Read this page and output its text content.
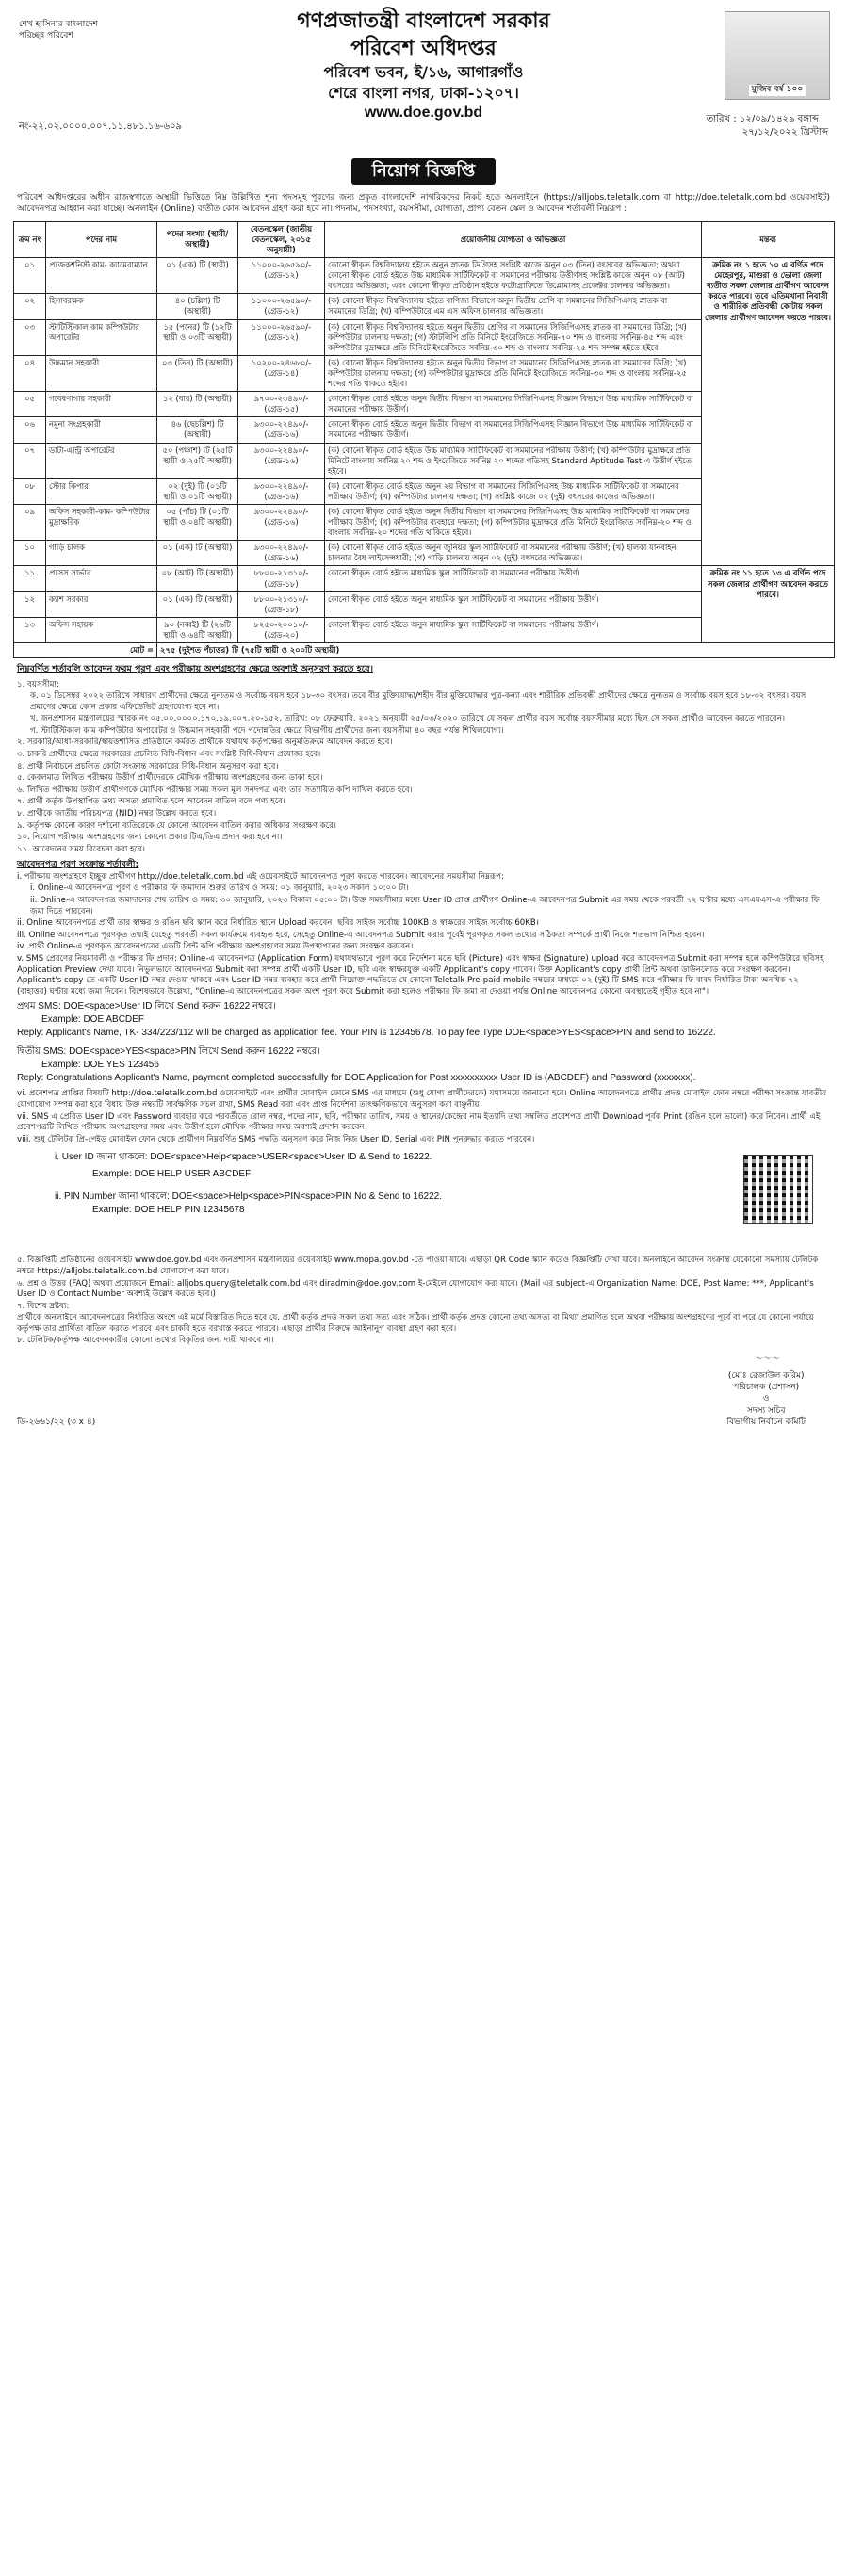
শেখ হাসিনার বাংলাদেশ
পরিচ্ছন্ন পরিবেশ
গণপ্রজাতন্ত্রী বাংলাদেশ সরকার
পরিবেশ অধিদপ্তর
পরিবেশ ভবন, ই/১৬, আগারগাঁও
শেরে বাংলা নগর, ঢাকা-১২০৭।
www.doe.gov.bd
মুজিব বর্ষ ১০০
নং-২২.০২.০০০০.০০৭.১১.৪৮১.১৬-৬০৯
তারিখ : ১২/০৯/১৪২৯ বঙ্গাব্দ
২৭/১২/২০২২ খ্রিস্টাব্দ
নিয়োগ বিজ্ঞপ্তি
পরিবেশ অধিদপ্তরের অধীন রাজস্বখাতে অস্থায়ী ভিত্তিতে নিম্ন উল্লিখিত শূন্য পদসমূহ পূরণের জন্য প্রকৃত বাংলাদেশি নাগরিকদের নিকট হতে অনলাইনে (https://alljobs.teletalk.com বা http://doe.teletalk.com.bd ওয়েবসাইট) আবেদনপত্র আহ্বান করা যাচ্ছে। অনলাইন (Online) ব্যতীত কোন আবেদন গ্রহণ করা হবে না। পদনাম, পদসংখ্যা, বয়সসীমা, যোগ্যতা, প্রাপ্য বেতন স্কেল ও আবেদন শর্তাবলী নিম্নরূপ :
ক্রম নং	পদের নাম	পদের সংখ্যা (স্থায়ী/অস্থায়ী)	বেতনস্কেল (জাতীয় বেতনস্কেল, ২০১৫ অনুযায়ী)	প্রয়োজনীয় যোগ্যতা ও অভিজ্ঞতা	মন্তব্য
০১	প্রজেকশনিস্ট কাম- ক্যামেরাম্যান	০১ (এক) টি (স্থায়ী)	১১০০০-২৬৫৯০/- (গ্রেড-১২)	কোনো স্বীকৃত বিশ্ববিদ্যালয় হইতে অনুন স্নাতক ডিগ্রিসহ সংশ্লিষ্ট কাজে অনুন ০৩ (তিন) বৎসরের অভিজ্ঞতা; অথবা কোনো স্বীকৃত বোর্ড হইতে উচ্চ মাধ্যমিক সার্টিফিকেট বা সমমানের পরীক্ষায় উত্তীর্ণসহ সংশ্লিষ্ট কাজে অনুন ০৮ (আট) বৎসরের অভিজ্ঞতা; এবং কোনো স্বীকৃত প্রতিষ্ঠান হইতে ফটোগ্রাফিতে ডিপ্লোমাসহ প্রজেক্টর চালনার অভিজ্ঞতা।	ক্রমিক নং ১ হতে ১০ এ বর্ণিত পদে মেহেরপুর, মাগুরা ও ভোলা জেলা ব্যতীত সকল জেলার প্রার্থীগণ আবেদন করতে পারবে। তবে এতিমখানা নিবাসী ও শারীরিক প্রতিবন্ধী কোটায় সকল জেলার প্রার্থীগণ আবেদন করতে পারবে।
০২	হিসাবরক্ষক	৪০ (চল্লিশ) টি (অস্থায়ী)	১১০০০-২৬৫৯০/- (গ্রেড-১২)	(ক) কোনো স্বীকৃত বিশ্ববিদ্যালয় হইতে বাণিজ্য বিভাগে অনুন দ্বিতীয় শ্রেণি বা সমমানের সিজিপিএসহ স্নাতক বা সমমানের ডিগ্রি; (খ) কম্পিউটারে এম এস অফিস চালনার অভিজ্ঞতা।	
০৩	স্টাটিস্টিকাল কাম কম্পিউটার অপারেটর	১৫ (পনের) টি (১২টি স্থায়ী ও ০৩টি অস্থায়ী)	১১০০০-২৬৫৯০/- (গ্রেড-১২)	(ক) কোনো স্বীকৃত বিশ্ববিদ্যালয় হইতে অনুন দ্বিতীয় শ্রেণির বা সমমানের সিজিপিএসহ স্নাতক বা সমমানের ডিগ্রি; (খ) কম্পিউটার চালনায় দক্ষতা; (গ) স্টাটলিপি প্রতি মিনিটে ইংরেজিতে সর্বনিম্ন-৭০ শব্দ ও বাংলায় সর্বনিম্ন-৪৫ শব্দ এবং কম্পিউটার মুদ্রাক্ষরে প্রতি মিনিটে ইংরেজিতে সর্বনিম্ন-৩০ শব্দ ও বাংলায় সর্বনিম্ন-২৫ শব্দ সম্পন্ন হইতে হইবে।	
০৪	উচ্চমান সহকারী	০৩ (তিন) টি (অস্থায়ী)	১০২০০-২৪৬৮০/- (গ্রেড-১৪)	(ক) কোনো স্বীকৃত বিশ্ববিদ্যালয় হইতে অনুন দ্বিতীয় বিভাগ বা সমমানের সিজিপিএসহ স্নাতক বা সমমানের ডিগ্রি; (খ) কম্পিউটার চালনায় দক্ষতা; (গ) কম্পিউটার মুদ্রাক্ষরে প্রতি মিনিটে ইংরেজিতে সর্বনিম্ন-৩০ শব্দ ও বাংলায় সর্বনিম্ন-২৫ শব্দের গতি থাকতে হইবে।	
০৫	গবেষণাগার সহকারী	১২ (বার) টি (অস্থায়ী)	৯৭০০-২৩৪৯০/- (গ্রেড-১৫)	কোনো স্বীকৃত বোর্ড হইতে অনুন দ্বিতীয় বিভাগ বা সমমানের সিজিপিএসহ বিজ্ঞান বিভাগে উচ্চ মাধ্যমিক সার্টিফিকেট বা সমমানের পরীক্ষায় উত্তীর্ণ।	
০৬	নমুনা সংগ্রহকারী	৪৬ (ছেচল্লিশ) টি (অস্থায়ী)	৯৩০০-২২৪৯০/- (গ্রেড-১৬)	কোনো স্বীকৃত বোর্ড হইতে অনুন দ্বিতীয় বিভাগ বা সমমানের সিজিপিএসহ বিজ্ঞান বিভাগে উচ্চ মাধ্যমিক সার্টিফিকেট বা সমমানের পরীক্ষায় উত্তীর্ণ।	
০৭	ডাটা-এন্ট্রি অপারেটর	৫০ (পঞ্চাশ) টি (২৫টি স্থায়ী ও ২৫টি অস্থায়ী)	৯৩০০-২২৪৯০/- (গ্রেড-১৬)	(ক) কোনো স্বীকৃত বোর্ড হইতে উচ্চ মাধ্যমিক সার্টিফিকেট বা সমমানের পরীক্ষায় উত্তীর্ণ; (খ) কম্পিউটার মুদ্রাক্ষরে প্রতি মিনিটে বাংলায় সর্বনিম্ন ২০ শব্দ ও ইংরেজিতে সর্বনিম্ন ২০ শব্দের গতিসহ Standard Aptitude Test এ উত্তীর্ণ হইতে হইবে।	
০৮	স্টোর কিপার	০২ (দুই) টি (০১টি স্থায়ী ও ০১টি অস্থায়ী)	৯৩০০-২২৪৯০/- (গ্রেড-১৬)	(ক) কোনো স্বীকৃত বোর্ড হইতে অনুন ২য় বিভাগ বা সমমানের সিজিপিএসহ উচ্চ মাধ্যমিক সার্টিফিকেট বা সমমানের পরীক্ষায় উত্তীর্ণ; (খ) কম্পিউটার চালনায় দক্ষতা; (গ) সংশ্লিষ্ট কাজে ০২ (দুই) বৎসরের কাজের অভিজ্ঞতা।	
০৯	অফিস সহকারী-কাম- কম্পিউটার মুদ্রাক্ষরিক	০৫ (পাঁচ) টি (০১টি স্থায়ী ও ০৪টি অস্থায়ী)	৯৩০০-২২৪৯০/- (গ্রেড-১৬)	(ক) কোনো স্বীকৃত বোর্ড হইতে অনুন দ্বিতীয় বিভাগ বা সমমানের সিজিপিএসহ উচ্চ মাধ্যমিক সার্টিফিকেট বা সমমানের পরীক্ষায় উত্তীর্ণ; (খ) কম্পিউটার ব্যবহারে দক্ষতা; (গ) কম্পিউটার মুদ্রাক্ষরে প্রতি মিনিটে ইংরেজিতে সর্বনিম্ন-২০ শব্দ ও বাংলায় সর্বনিম্ন-২০ শব্দের গতি থাকিতে হইবে।	
১০	গাড়ি চালক	০১ (এক) টি (অস্থায়ী)	৯৩০০-২২৪৯০/- (গ্রেড-১৬)	(ক) কোনো স্বীকৃত বোর্ড হইতে অনুন জুনিয়র স্কুল সার্টিফিকেট বা সমমানের পরীক্ষায় উত্তীর্ণ; (খ) হালকা যানবাহন চালনার বৈধ লাইসেন্সধারী; (গ) গাড়ি চালনায় অনুন ০২ (দুই) বৎসরের অভিজ্ঞতা।	
১১	প্রসেস সার্ভার	০৮ (আট) টি (অস্থায়ী)	৮৮০০-২১৩১০/- (গ্রেড-১৮)	কোনো স্বীকৃত বোর্ড হইতে মাধ্যমিক স্কুল সার্টিফিকেট বা সমমানের পরীক্ষায় উত্তীর্ণ।	ক্রমিক নং ১১ হতে ১৩ এ বর্ণিত পদে সকল জেলার প্রার্থীগণ আবেদন করতে পারবে।
১২	ক্যাশ সরকার	০১ (এক) টি (অস্থায়ী)	৮৮০০-২১৩১০/- (গ্রেড-১৮)	কোনো স্বীকৃত বোর্ড হইতে অনুন মাধ্যমিক স্কুল সার্টিফিকেট বা সমমানের পরীক্ষায় উত্তীর্ণ।	
১৩	অফিস সহায়ক	৯০ (নব্বই) টি (২৬টি স্থায়ী ও ৬৪টি অস্থায়ী)	৮২৫০-২০০১০/- (গ্রেড-২০)	কোনো স্বীকৃত বোর্ড হইতে অনুন মাধ্যমিক স্কুল সার্টিফিকেট বা সমমানের পরীক্ষায় উত্তীর্ণ।	
মোট =		২৭৫ (দুইশত পঁচাত্তর) টি (৭৫টি স্থায়ী ও ২০০টি অস্থায়ী)			
নিম্নবর্ণিত শর্তাবলি আবেদন ফরম পূরণ এবং পরীক্ষায় অংশগ্রহণের ক্ষেত্রে অবশ্যই অনুসরণ করতে হবে।

১. বয়সসীমা:

ক. ০১ ডিসেম্বর ২০২২ তারিখে সাধারণ প্রার্থীদের ক্ষেত্রে নুন্যতম ও সর্বোচ্চ বয়স হবে ১৮-৩০ বৎসর। তবে বীর মুক্তিযোদ্ধা/শহীদ বীর মুক্তিযোদ্ধার পুত্র-কন্যা এবং শারীরিক প্রতিবন্ধী প্রার্থীদের ক্ষেত্রে নুন্যতম ও সর্বোচ্চ বয়স হবে ১৮-৩২ বৎসর। বয়স প্রমাণের ক্ষেত্রে কোন প্রকার এফিডেভিট গ্রহণযোগ্য হবে না।

খ. জনপ্রশাসন মন্ত্রণালয়ের স্মারক নং ০৫.০০.০০০০.১৭০.১৯.০০৭.২০-১৫২, তারিখ: ০৮ ফেব্রুয়ারি, ২০২১ অনুযায়ী ২৫/০৩/২০২০ তারিখে যে সকল প্রার্থীর বয়স সর্বোচ্চ বয়সসীমার মধ্যে ছিল সে সকল প্রার্থীও আবেদন করতে পারবেন।

গ. স্টাটিস্টিকাল কাম কম্পিউটার অপারেটর ও উচ্চমান সহকারী পদে পদোন্নতির ক্ষেত্রে বিভাগীয় প্রার্থীদের জন্য বয়সসীমা ৪০ বছর পর্যন্ত শিথিলযোগ্য।

২. সরকারি/আধা-সরকারি/স্বায়ত্তশাসিত প্রতিষ্ঠানে কর্মরত প্রার্থীকে যথাযথ কর্তৃপক্ষের অনুমতিক্রমে আবেদন করতে হবে।

৩. চাকরি প্রার্থীদের ক্ষেত্রে সরকারের প্রচলিত বিধি-বিধান এবং সংশ্লিষ্ট বিধি-বিধান প্রযোজ্য হবে।

৪. প্রার্থী নির্বাচনে প্রচলিত কোটা সংক্রান্ত সরকারের বিধি-বিধান অনুসরণ করা হবে।

৫. কেবলমাত্র লিখিত পরীক্ষায় উত্তীর্ণ প্রার্থীদেরকে মৌখিক পরীক্ষায় অংশগ্রহণের জন্য ডাকা হবে।

৬. লিখিত পরীক্ষায় উত্তীর্ণ প্রার্থীগণকে মৌখিক পরীক্ষার সময় সকল মূল সনদপত্র এবং তার সত্যায়িত কপি দাখিল করতে হবে।

৭. প্রার্থী কর্তৃক উপস্থাপিত তথ্য অসত্য প্রমাণিত হলে আবেদন বাতিল বলে গণ্য হবে।

৮. প্রার্থীকে জাতীয় পরিচয়পত্র (NID) নম্বর উল্লেখ করতে হবে।

৯. কর্তৃপক্ষ কোনো কারণ দর্শানো ব্যতিরেকে যে কোনো আবেদন বাতিল করার অধিকার সংরক্ষণ করে।

১০. নিয়োগ পরীক্ষায় অংশগ্রহণের জন্য কোনো প্রকার টিএ/ডিএ প্রদান করা হবে না।

১১. আবেদনের সময় বিবেচনা করা হবে।

আবেদনপত্র পূরণ সংক্রান্ত শর্তাবলী:

i. পরীক্ষায় অংশগ্রহণে ইচ্ছুক প্রার্থীগণ http://doe.teletalk.com.bd এই ওয়েবসাইটে আবেদনপত্র পূরণ করতে পারবেন। আবেদনের সময়সীমা নিম্নরূপ:

i. Online-এ আবেদনপত্র পূরণ ও পরীক্ষার ফি জমাদান শুরুর তারিখ ও সময়: ০১ জানুয়ারি, ২০২৩ সকাল ১০:০০ টা।

ii. Online-এ আবেদনপত্র জমাদানের শেষ তারিখ ও সময়: ৩০ জানুয়ারি, ২০২৩ বিকাল ০৫:০০ টা। উক্ত সময়সীমার মধ্যে User ID প্রাপ্ত প্রার্থীগণ Online-এ আবেদনপত্র Submit এর সময় থেকে পরবর্তী ৭২ ঘণ্টার মধ্যে এসএমএস-এ পরীক্ষার ফি জমা দিতে পারবেন।

ii. Online আবেদনপত্রে প্রার্থী তার স্বাক্ষর ও রঙিন ছবি স্ক্যান করে নির্ধারিত স্থানে Upload করবেন। ছবির সাইজ সর্বোচ্চ 100KB ও স্বাক্ষরের সাইজ সর্বোচ্চ 60KB।

iii. Online আবেদনপত্রে পূরণকৃত তথ্যই যেহেতু পরবর্তী সকল কার্যক্রমে ব্যবহৃত হবে, সেহেতু Online-এ আবেদনপত্র Submit করার পূর্বেই পূরণকৃত সকল তথ্যের সঠিকতা সম্পর্কে প্রার্থী নিজে শতভাগ নিশ্চিত হবেন।

iv. প্রার্থী Online-এ পূরণকৃত আবেদনপত্রের একটি প্রিন্ট কপি পরীক্ষায় অংশগ্রহণের সময় উপস্থাপনের জন্য সংরক্ষণ করবেন।

v. SMS প্রেরণের নিয়মাবলী ও পরীক্ষার ফি প্রদান: Online-এ আবেদনপত্র (Application Form) যথাযথভাবে পূরণ করে নির্দেশনা মতে ছবি (Picture) এবং স্বাক্ষর (Signature) upload করে আবেদনপত্র Submit করা সম্পন্ন হলে কম্পিউটারে ছবিসহ Application Preview দেখা যাবে। নিভুলভাবে আবেদনপত্র Submit করা সম্পন্ন প্রার্থী একটি User ID, ছবি এবং স্বাক্ষরযুক্ত একটি Applicant's copy পাবেন। উক্ত Applicant's copy প্রার্থী প্রিন্ট অথবা ডাউনলোড করে সংরক্ষণ করবেন। Applicant's copy তে একটি User ID নম্বর দেওয়া থাকবে এবং User ID নম্বর ব্যবহার করে প্রার্থী নিম্নোক্ত পদ্ধতিতে যে কোনো Teletalk Pre-paid mobile নম্বরের মাধ্যমে ০২ (দুই) টি SMS করে পরীক্ষার ফি বাবদ নির্ধারিত টাকা অনধিক ৭২ (বাহাত্তর) ঘণ্টার মধ্যে জমা দিবেন। বিশেষভাবে উল্লেখ্য, "Online-এ আবেদনপত্রের সকল অংশ পূরণ করে Submit করা হলেও পরীক্ষার ফি জমা না দেওয়া পর্যন্ত Online আবেদনপত্র কোনো অবস্থাতেই গৃহীত হবে না"।

প্রথম SMS: DOE<space>User ID লিখে Send করুন 16222 নম্বরে।
Example: DOE ABCDEF
Reply: Applicant's Name, TK- 334/223/112 will be charged as application fee. Your PIN is 12345678. To pay fee Type DOE<space>YES<space>PIN and send to 16222.
দ্বিতীয় SMS: DOE<space>YES<space>PIN লিখে Send করুন 16222 নম্বরে।
Example: DOE YES 123456
Reply: Congratulations Applicant's Name, payment completed successfully for DOE Application for Post xxxxxxxxxx User ID is (ABCDEF) and Password (xxxxxxx).

vi. প্রবেশপত্র প্রাপ্তির বিষয়টি http://doe.teletalk.com.bd ওয়েবসাইটে এবং প্রার্থীর মোবাইল ফোনে SMS এর মাধ্যমে (শুধু যোগ্য প্রার্থীদেরকে) যথাসময়ে জানানো হবে। Online আবেদনপত্রে প্রার্থীর প্রদত্ত মোবাইল ফোন নম্বরে পরীক্ষা সংক্রান্ত যাবতীয় যোগাযোগ সম্পন্ন করা হবে বিধায় উক্ত নম্বরটি সার্বক্ষণিক সচল রাখা, SMS Read করা এবং প্রাপ্ত নির্দেশনা তাৎক্ষণিকভাবে অনুসরণ করা বাঞ্ছনীয়।

vii. SMS এ প্রেরিত User ID এবং Password ব্যবহার করে পরবর্তীতে রোল নম্বর, পদের নাম, ছবি, পরীক্ষার তারিখ, সময় ও স্থানের/কেন্দ্রের নাম ইত্যাদি তথ্য সম্বলিত প্রবেশপত্র প্রার্থী Download পূর্বক Print (রঙিন হলে ভালো) করে নিবেন। প্রার্থী এই প্রবেশপত্রটি লিখিত পরীক্ষায় অংশগ্রহণের সময় এবং উত্তীর্ণ হলে মৌখিক পরীক্ষার সময় অবশ্যই প্রদর্শন করবেন।

viii. শুধু টেলিটক প্রি-পেইড মোবাইল ফোন থেকে প্রার্থীগণ নিম্নবর্ণিত SMS পদ্ধতি অনুসরণ করে নিজ নিজ User ID, Serial এবং PIN পুনরুদ্ধার করতে পারবেন।

i. User ID জানা থাকলে: DOE<space>Help<space>USER<space>User ID & Send to 16222.
Example: DOE HELP USER ABCDEF
ii. PIN Number জানা থাকলে: DOE<space>Help<space>PIN<space>PIN No & Send to 16222.
Example: DOE HELP PIN 12345678

৫. বিজ্ঞপ্তিটি প্রতিষ্ঠানের ওয়েবসাইট www.doe.gov.bd এবং জনপ্রশাসন মন্ত্রণালয়ের ওয়েবসাইট www.mopa.gov.bd -তে পাওয়া যাবে। এছাড়া QR Code স্ক্যান করেও বিজ্ঞপ্তিটি দেখা যাবে। অনলাইনে আবেদন সংক্রান্ত যেকোনো সমস্যায় টেলিটক নম্বরে https://alljobs.teletalk.com.bd যোগাযোগ করা যাবে।

৬. প্রশ্ন ও উত্তর (FAQ) অথবা প্রয়োজনে Email: alljobs.query@teletalk.com.bd এবং diradmin@doe.gov.com ই-মেইলে যোগাযোগ করা যাবে। (Mail এর subject-এ Organization Name: DOE, Post Name: ***, Applicant's User ID ও Contact Number অবশ্যই উল্লেখ করতে হবে।)

৭. বিশেষ দ্রষ্টব্য:

প্রার্থীকে অনলাইনে আবেদনপত্রের নির্ধারিত অংশে এই মর্মে বিস্তারিত দিতে হবে যে, প্রার্থী কর্তৃক প্রদত্ত সকল তথ্য সত্য এবং সঠিক। প্রার্থী কর্তৃক প্রদত্ত কোনো তথ্য অসত্য বা মিথ্যা প্রমাণিত হলে অথবা পরীক্ষায় অংশগ্রহণের পূর্বে বা পরে যে কোনো পর্যায়ে কর্তৃপক্ষ তার প্রার্থিতা বাতিল করতে পারবে এবং চাকরি হতে বরখাস্ত করতে পারবে। এছাড়া প্রার্থীর বিরুদ্ধে আইনানুগ ব্যবস্থা গ্রহণ করা হবে।

৮. টেলিটক/কর্তৃপক্ষ আবেদনকারীর কোনো তথ্যের বিকৃতির জন্য দায়ী থাকবে না।

～～～
(মোঃ রেজাউল করিম)
পরিচালক (প্রশাসন)
ও
সদস্য সচিব
বিভাগীয় নির্বাচন কমিটি
ডি-২৬৬১/২২ (৩ x ৪)
